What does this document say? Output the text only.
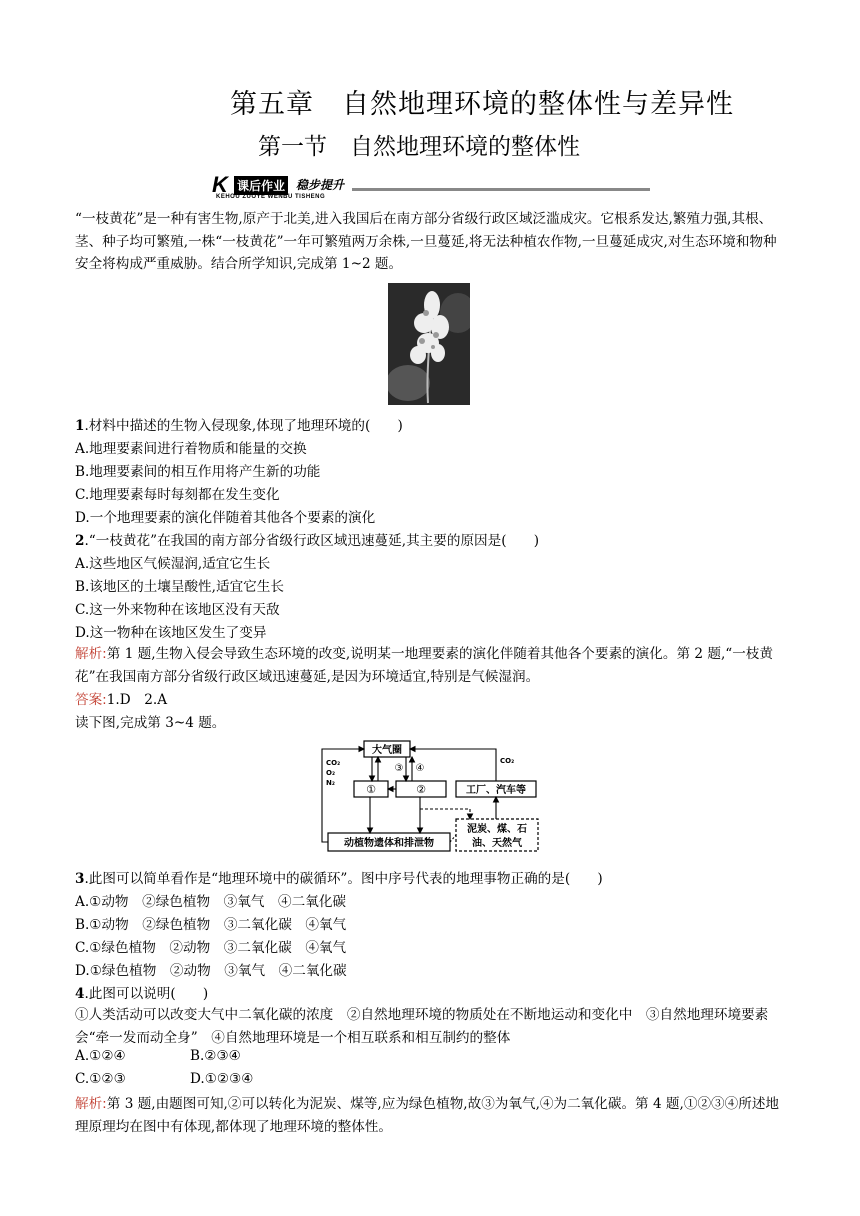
第五章　自然地理环境的整体性与差异性
第一节　自然地理环境的整体性
K 课后作业 稳步提升
KEHOU ZUOYE WENBU TISHENG
“一枝黄花”是一种有害生物,原产于北美,进入我国后在南方部分省级行政区域泛滥成灾。它根系发达,繁殖力强,其根、茎、种子均可繁殖,一株“一枝黄花”一年可繁殖两万余株,一旦蔓延,将无法种植农作物,一旦蔓延成灾,对生态环境和物种安全将构成严重威胁。结合所学知识,完成第 1~2 题。
1.材料中描述的生物入侵现象,体现了地理环境的(　　)
A.地理要素间进行着物质和能量的交换
B.地理要素间的相互作用将产生新的功能
C.地理要素每时每刻都在发生变化
D.一个地理要素的演化伴随着其他各个要素的演化
2.“一枝黄花”在我国的南方部分省级行政区域迅速蔓延,其主要的原因是(　　)
A.这些地区气候湿润,适宜它生长
B.该地区的土壤呈酸性,适宜它生长
C.这一外来物种在该地区没有天敌
D.这一物种在该地区发生了变异
解析:第 1 题,生物入侵会导致生态环境的改变,说明某一地理要素的演化伴随着其他各个要素的演化。第 2 题,“一枝黄花”在我国南方部分省级行政区域迅速蔓延,是因为环境适宜,特别是气候湿润。
答案:1.D　2.A
读下图,完成第 3~4 题。
大气圈
①	②
③ ④
工厂、汽车等
动植物遗体和排泄物
泥炭、煤、石
油、天然气
CO₂
O₂
N₂
CO₂
3.此图可以简单看作是“地理环境中的碳循环”。图中序号代表的地理事物正确的是(　　)
A.①动物　②绿色植物　③氧气　④二氧化碳
B.①动物　②绿色植物　③二氧化碳　④氧气
C.①绿色植物　②动物　③二氧化碳　④氧气
D.①绿色植物　②动物　③氧气　④二氧化碳
4.此图可以说明(　　)
①人类活动可以改变大气中二氧化碳的浓度　②自然地理环境的物质处在不断地运动和变化中　③自然地理环境要素会“牵一发而动全身”　④自然地理环境是一个相互联系和相互制约的整体
A.①②④	B.②③④
C.①②③	D.①②③④
解析:第 3 题,由题图可知,②可以转化为泥炭、煤等,应为绿色植物,故③为氧气,④为二氧化碳。第 4 题,①②③④所述地理原理均在图中有体现,都体现了地理环境的整体性。
